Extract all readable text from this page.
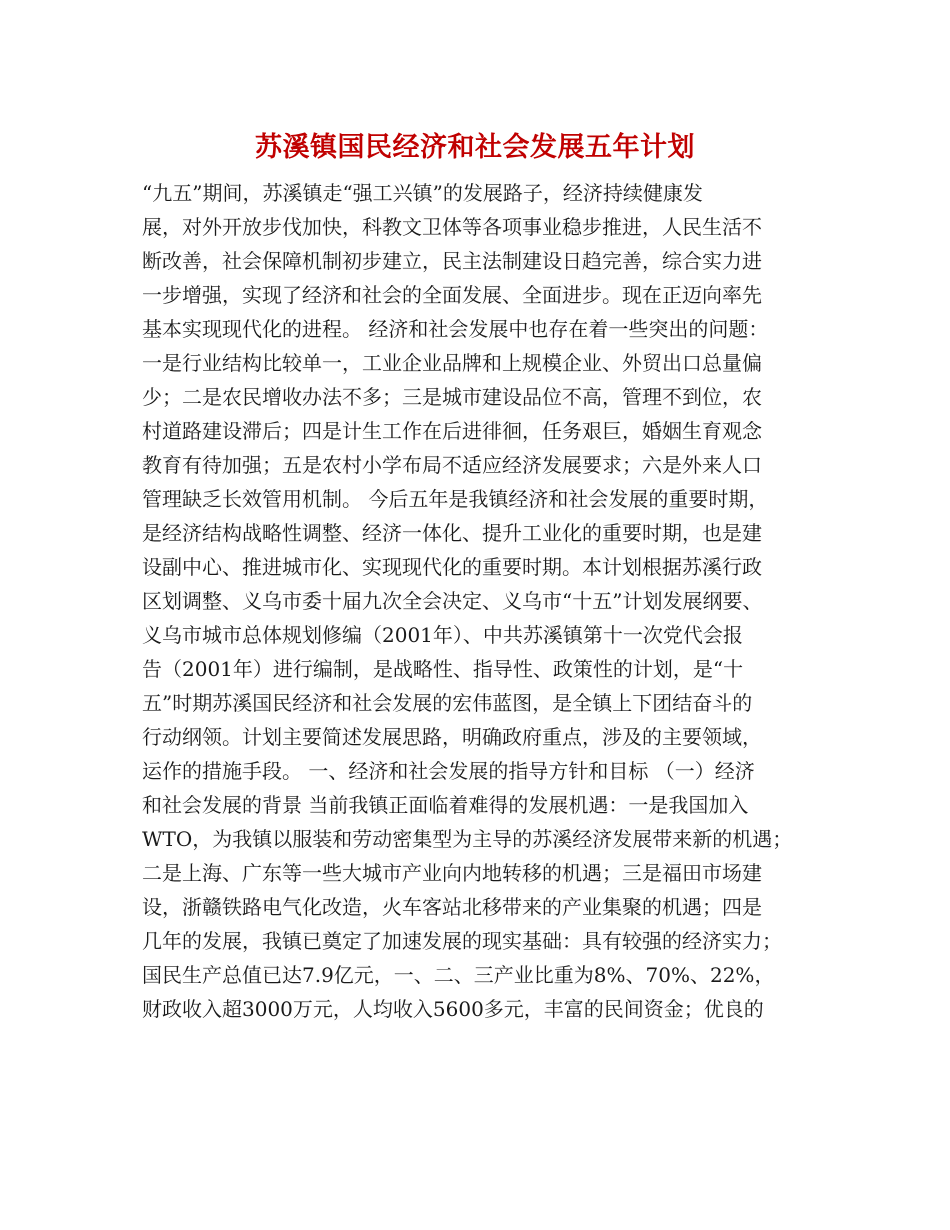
苏溪镇国民经济和社会发展五年计划
“九五”期间，苏溪镇走“强工兴镇”的发展路子，经济持续健康发
展，对外开放步伐加快，科教文卫体等各项事业稳步推进，人民生活不
断改善，社会保障机制初步建立，民主法制建设日趋完善，综合实力进
一步增强，实现了经济和社会的全面发展、全面进步。现在正迈向率先
基本实现现代化的进程。 经济和社会发展中也存在着一些突出的问题：
一是行业结构比较单一，工业企业品牌和上规模企业、外贸出口总量偏
少；二是农民增收办法不多；三是城市建设品位不高，管理不到位，农
村道路建设滞后；四是计生工作在后进徘徊，任务艰巨，婚姻生育观念
教育有待加强；五是农村小学布局不适应经济发展要求；六是外来人口
管理缺乏长效管用机制。 今后五年是我镇经济和社会发展的重要时期，
是经济结构战略性调整、经济一体化、提升工业化的重要时期，也是建
设副中心、推进城市化、实现现代化的重要时期。本计划根据苏溪行政
区划调整、义乌市委十届九次全会决定、义乌市“十五”计划发展纲要、
义乌市城市总体规划修编（2001年）、中共苏溪镇第十一次党代会报
告（2001年）进行编制，是战略性、指导性、政策性的计划，是“十
五”时期苏溪国民经济和社会发展的宏伟蓝图，是全镇上下团结奋斗的
行动纲领。计划主要简述发展思路，明确政府重点，涉及的主要领域，
运作的措施手段。 一、经济和社会发展的指导方针和目标 （一）经济
和社会发展的背景 当前我镇正面临着难得的发展机遇：一是我国加入
WTO，为我镇以服装和劳动密集型为主导的苏溪经济发展带来新的机遇；
二是上海、广东等一些大城市产业向内地转移的机遇；三是福田市场建
设，浙赣铁路电气化改造，火车客站北移带来的产业集聚的机遇；四是
几年的发展，我镇已奠定了加速发展的现实基础：具有较强的经济实力；
国民生产总值已达7.9亿元，一、二、三产业比重为8%、70%、22%，
财政收入超3000万元，人均收入5600多元，丰富的民间资金；优良的
